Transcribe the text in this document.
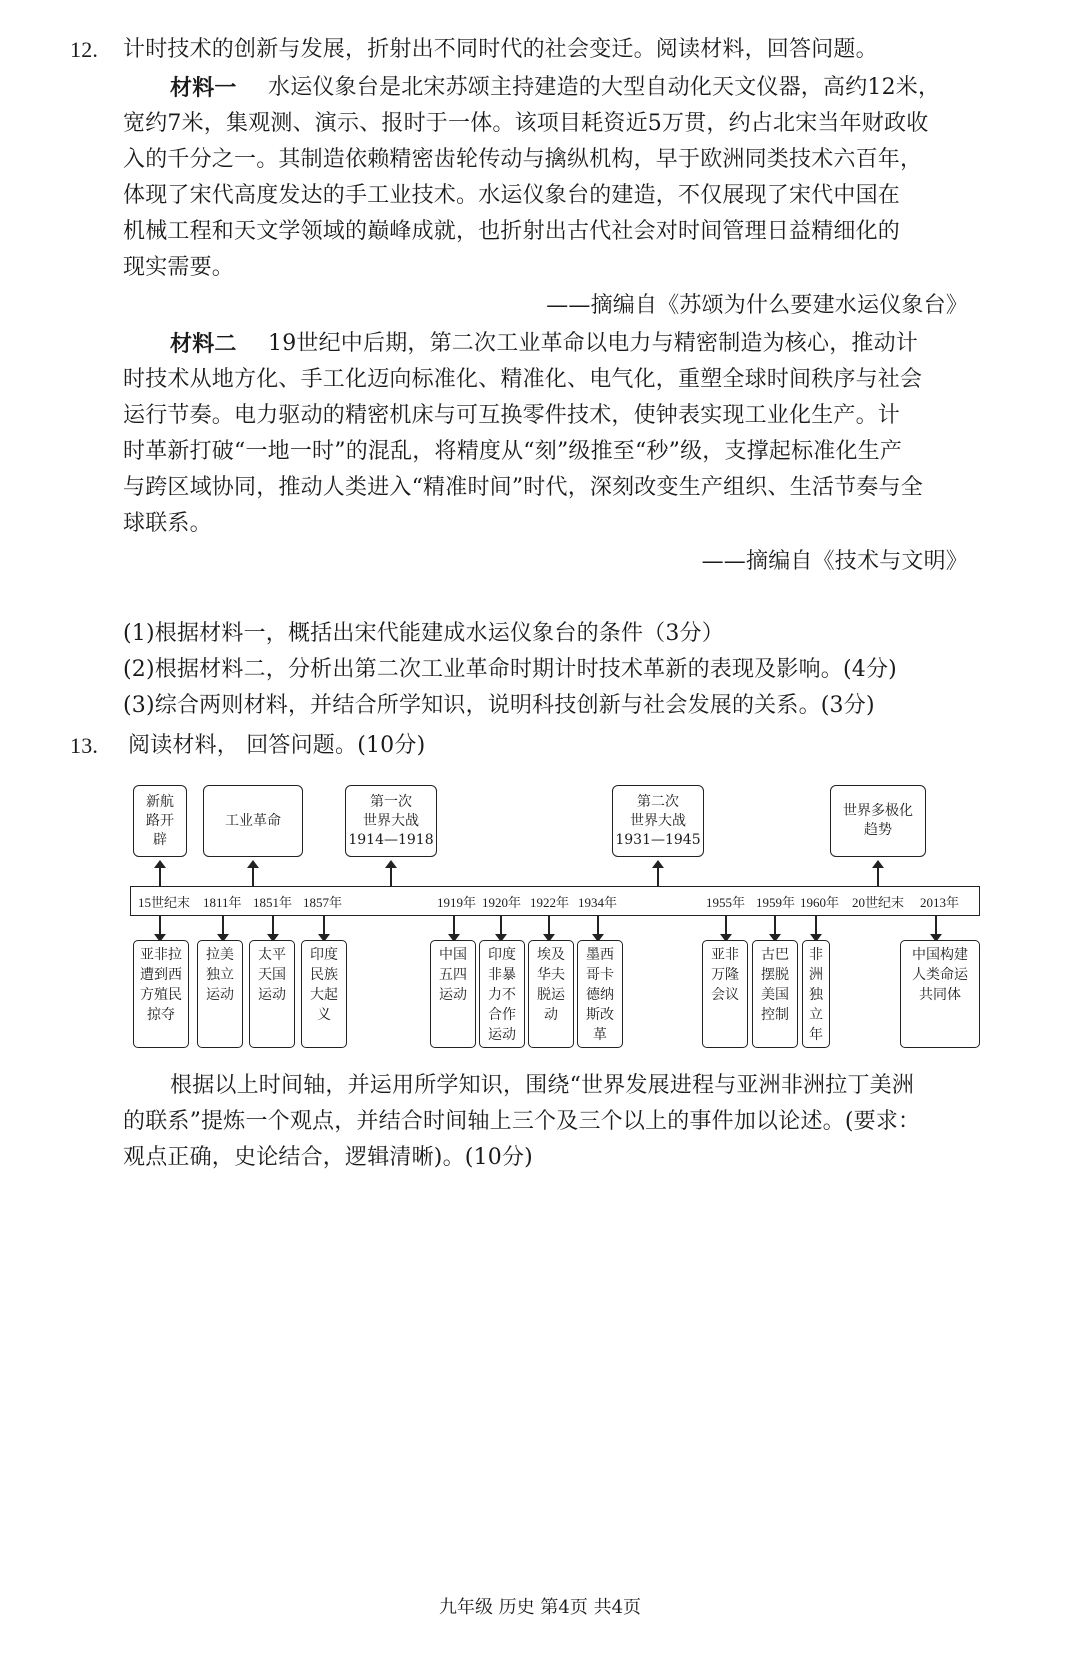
12. 计时技术的创新与发展，折射出不同时代的社会变迁。阅读材料，回答问题。
材料一 水运仪象台是北宋苏颂主持建造的大型自动化天文仪器，高约12米，
宽约7米，集观测、演示、报时于一体。该项目耗资近5万贯，约占北宋当年财政收
入的千分之一。其制造依赖精密齿轮传动与擒纵机构，早于欧洲同类技术六百年，
体现了宋代高度发达的手工业技术。水运仪象台的建造，不仅展现了宋代中国在
机械工程和天文学领域的巅峰成就，也折射出古代社会对时间管理日益精细化的
现实需要。
——摘编自《苏颂为什么要建水运仪象台》
材料二 19世纪中后期，第二次工业革命以电力与精密制造为核心，推动计
时技术从地方化、手工化迈向标准化、精准化、电气化，重塑全球时间秩序与社会
运行节奏。电力驱动的精密机床与可互换零件技术，使钟表实现工业化生产。计
时革新打破“一地一时”的混乱，将精度从“刻”级推至“秒”级，支撑起标准化生产
与跨区域协同，推动人类进入“精准时间”时代，深刻改变生产组织、生活节奏与全
球联系。
——摘编自《技术与文明》
(1)根据材料一，概括出宋代能建成水运仪象台的条件（3分）
(2)根据材料二，分析出第二次工业革命时期计时技术革新的表现及影响。(4分)
(3)综合两则材料，并结合所学知识，说明科技创新与社会发展的关系。(3分)
13. 阅读材料， 回答问题。(10分)
新航
路开
辟
工业革命
第一次
世界大战
1914—1918
第二次
世界大战
1931—1945
世界多极化
趋势
15世纪末 1811年 1851年 1857年	1919年 1920年 1922年 1934年	1955年 1959年 1960年 20世纪末 2013年
亚非拉
遭到西
方殖民
掠夺
拉美
独立
运动
太平
天国
运动
印度
民族
大起
义
中国
五四
运动
印度
非暴
力不
合作
运动
埃及
华夫
脱运
动
墨西
哥卡
德纳
斯改
革
亚非
万隆
会议
古巴
摆脱
美国
控制
非
洲
独
立
年
中国构建
人类命运
共同体
根据以上时间轴，并运用所学知识，围绕“世界发展进程与亚洲非洲拉丁美洲
的联系”提炼一个观点，并结合时间轴上三个及三个以上的事件加以论述。(要求：
观点正确，史论结合，逻辑清晰)。(10分)
九年级 历史 第4页 共4页
